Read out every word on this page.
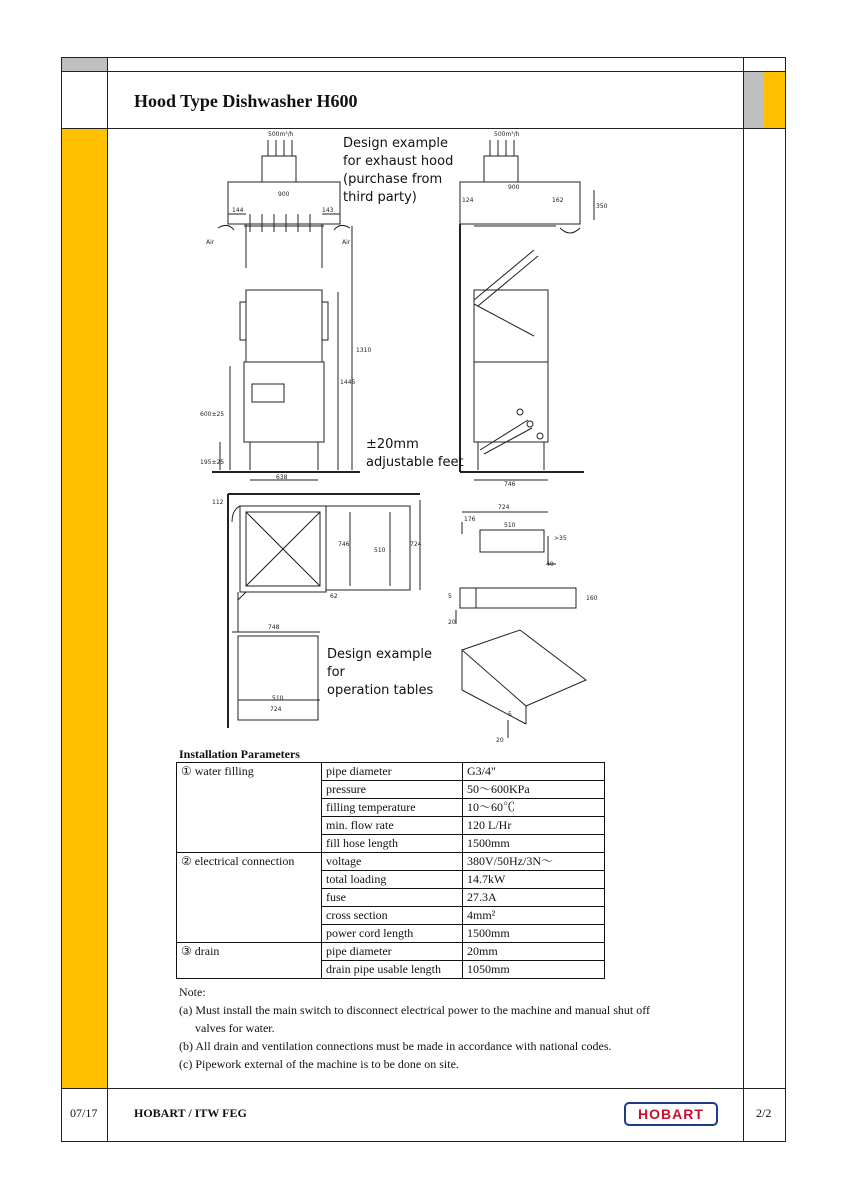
Hood Type Dishwasher H600
500m³/h	500m³/h
900
144	143
900
124	162
350
Air	Air
1310
1445
600±25
195±25
638
746
112
746
510
724
62
748
510
724
724
176
510
>35
40
5	160
20
5
20
Design example
for exhaust hood
(purchase from
third party)
±20mm
adjustable feet
Design example
for
operation tables
Installation Parameters
① water filling	pipe diameter	G3/4"
	pressure	50～600KPa
	filling temperature	10～60℃
	min. flow rate	120 L/Hr
	fill hose length	1500mm
② electrical connection	voltage	380V/50Hz/3N～
	total loading	14.7kW
	fuse	27.3A
	cross section	4mm²
	power cord length	1500mm
③ drain	pipe diameter	20mm
	drain pipe usable length	1050mm
Note:
(a) Must install the main switch to disconnect electrical power to the machine and manual shut off
valves for water.
(b) All drain and ventilation connections must be made in accordance with national codes.
(c) Pipework external of the machine is to be done on site.
07/17	HOBART / ITW FEG	HOBART	2/2
